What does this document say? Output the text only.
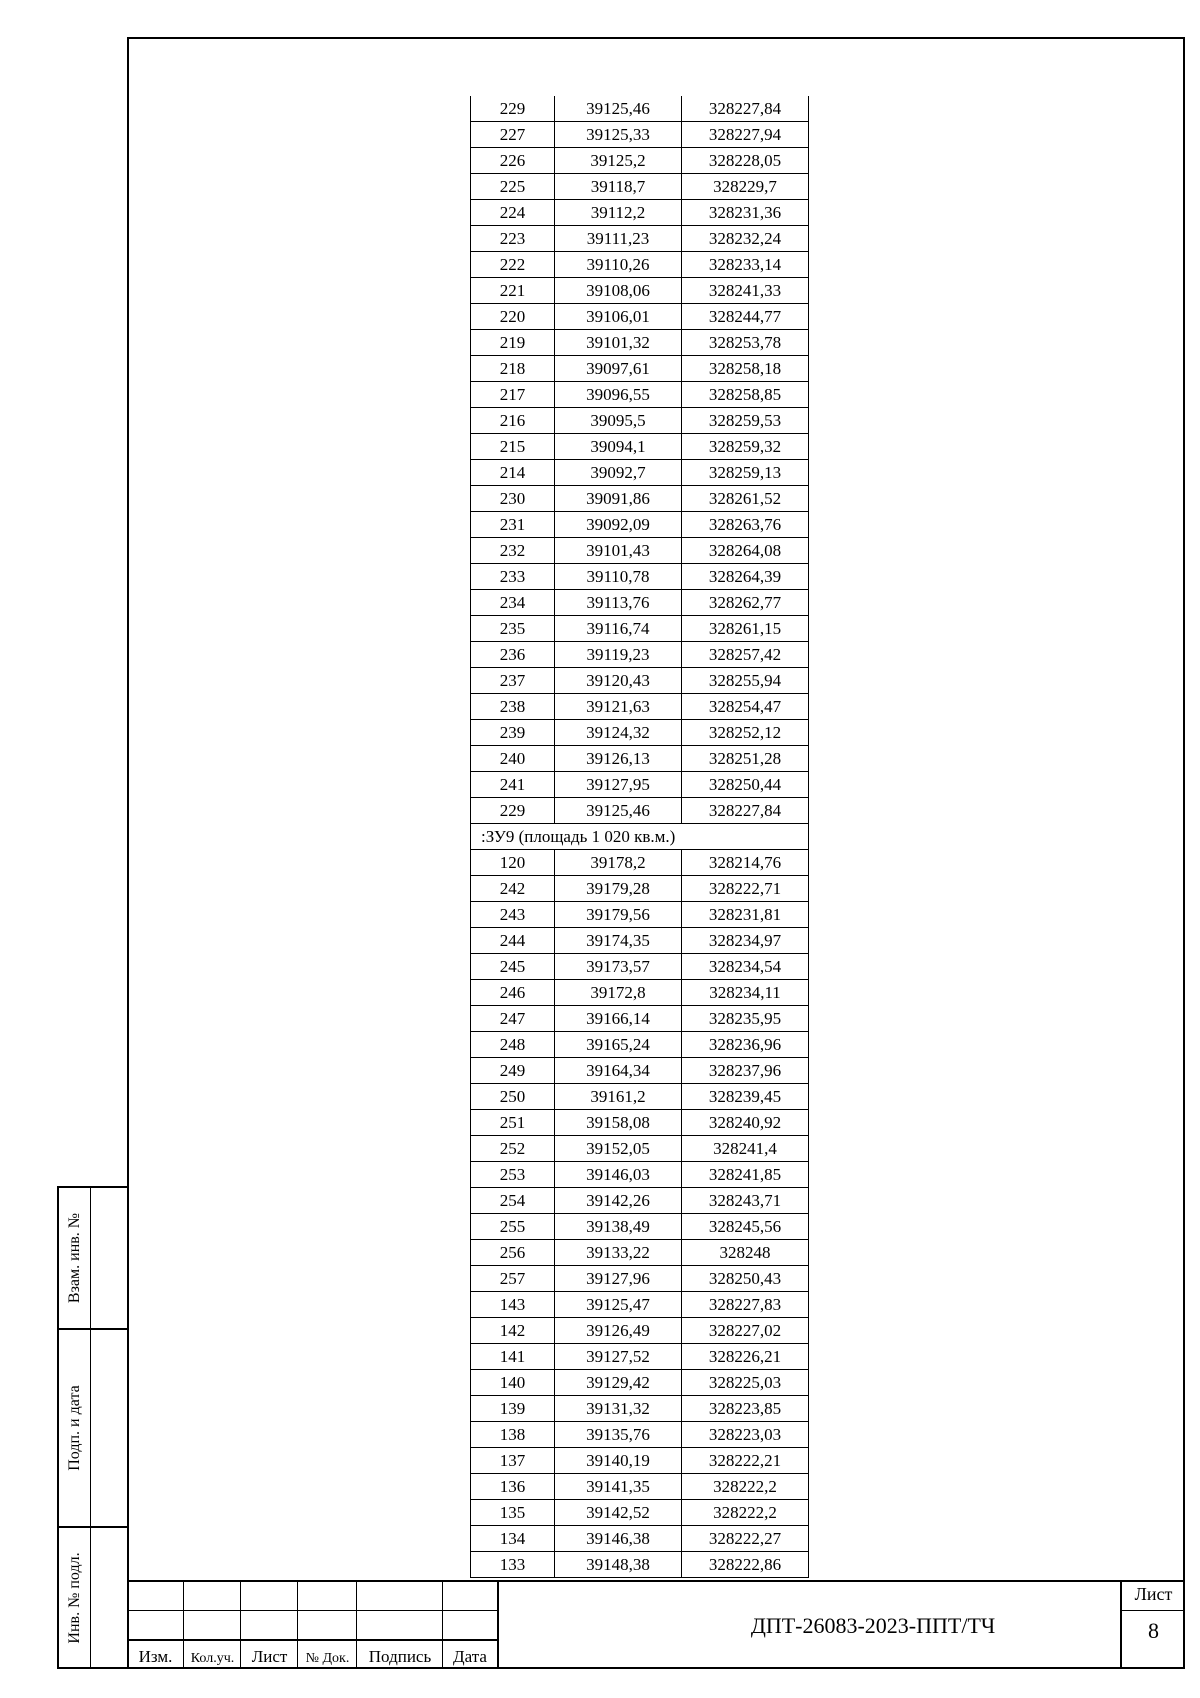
229	39125,46	328227,84
227	39125,33	328227,94
226	39125,2	328228,05
225	39118,7	328229,7
224	39112,2	328231,36
223	39111,23	328232,24
222	39110,26	328233,14
221	39108,06	328241,33
220	39106,01	328244,77
219	39101,32	328253,78
218	39097,61	328258,18
217	39096,55	328258,85
216	39095,5	328259,53
215	39094,1	328259,32
214	39092,7	328259,13
230	39091,86	328261,52
231	39092,09	328263,76
232	39101,43	328264,08
233	39110,78	328264,39
234	39113,76	328262,77
235	39116,74	328261,15
236	39119,23	328257,42
237	39120,43	328255,94
238	39121,63	328254,47
239	39124,32	328252,12
240	39126,13	328251,28
241	39127,95	328250,44
229	39125,46	328227,84
:ЗУ9 (площадь 1 020 кв.м.)		
120	39178,2	328214,76
242	39179,28	328222,71
243	39179,56	328231,81
244	39174,35	328234,97
245	39173,57	328234,54
246	39172,8	328234,11
247	39166,14	328235,95
248	39165,24	328236,96
249	39164,34	328237,96
250	39161,2	328239,45
251	39158,08	328240,92
252	39152,05	328241,4
253	39146,03	328241,85
254	39142,26	328243,71
255	39138,49	328245,56
256	39133,22	328248
257	39127,96	328250,43
143	39125,47	328227,83
142	39126,49	328227,02
141	39127,52	328226,21
140	39129,42	328225,03
139	39131,32	328223,85
138	39135,76	328223,03
137	39140,19	328222,21
136	39141,35	328222,2
135	39142,52	328222,2
134	39146,38	328222,27
133	39148,38	328222,86
Взам. инв. №
Подп. и дата
Инв. № подл.
Изм.	Кол.уч.	Лист	№ Док.	Подпись	Дата
ДПТ-26083-2023-ППТ/ТЧ
Лист
8
